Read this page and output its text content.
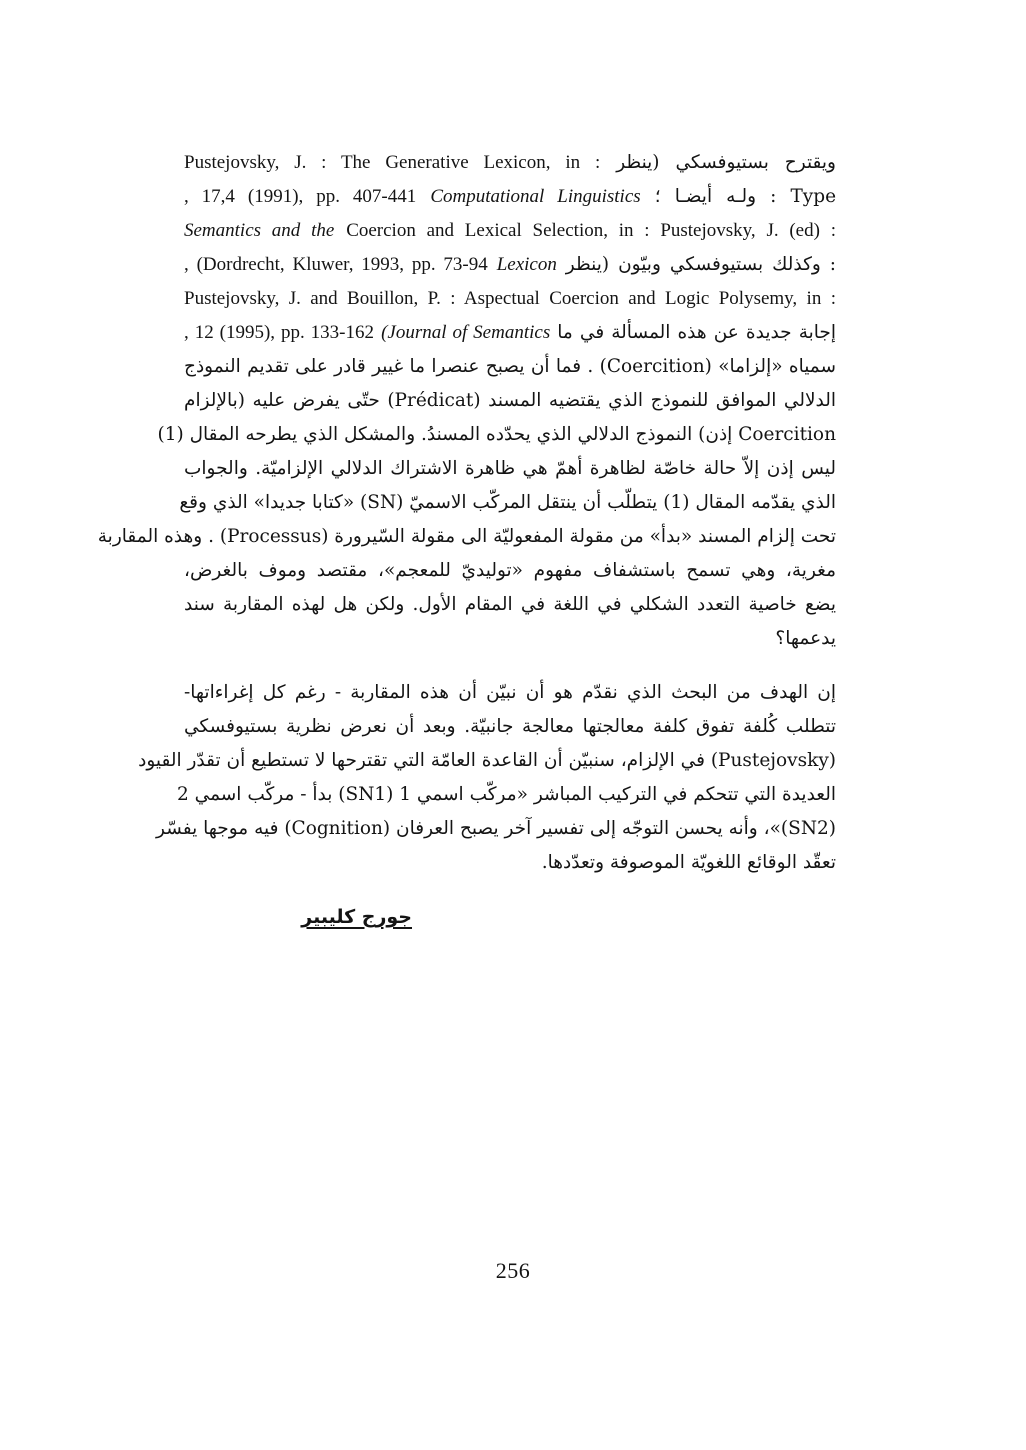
ويقترح بستيوفسكي (ينظر Pustejovsky, J. : The Generative Lexicon, in :
Type : ولـه أيضـا ؛ Computational Linguistics , 17,4 (1991), pp. 407-441
Coercion and Lexical Selection, in : Pustejovsky, J. (ed) : Semantics and the
: وكذلك بستيوفسكي وبيّون (ينظر Lexicon , (Dordrecht, Kluwer, 1993, pp. 73-94
Pustejovsky, J. and Bouillon, P. : Aspectual Coercion and Logic Polysemy, in :
إجابة جديدة عن هذه المسألة في ما (Journal of Semantics , 12 (1995), pp. 133-162
سمياه «إلزاما» (Coercition) . فما أن يصبح عنصرا ما غيير قادر على تقديم النموذج
الدلالي الموافق للنموذج الذي يقتضيه المسند (Prédicat) حتّى يفرض عليه (بالإلزام
Coercition إذن) النموذج الدلالي الذي يحدّده المسندُ. والمشكل الذي يطرحه المقال (1)
ليس إذن إلاّ حالة خاصّة لظاهرة أهمّ هي ظاهرة الاشتراك الدلالي الإلزاميّة. والجواب
الذي يقدّمه المقال (1) يتطلّب أن ينتقل المركّب الاسميّ (SN) «كتابا جديدا» الذي وقع
تحت إلزام المسند «بدأ» من مقولة المفعوليّة الى مقولة السّيرورة (Processus) . وهذه المقاربة
مغرية، وهي تسمح باستشفاف مفهوم «توليديّ للمعجم»، مقتصد وموف بالغرض،
يضع خاصية التعدد الشكلي في اللغة في المقام الأول. ولكن هل لهذه المقاربة سند
يدعمها؟
إن الهدف من البحث الذي نقدّم هو أن نبيّن أن هذه المقاربة - رغم كل إغراءاتها-
تتطلب كُلفة تفوق كلفة معالجتها معالجة جانبيّة. وبعد أن نعرض نظرية بستيوفسكي
(Pustejovsky) في الإلزام، سنبيّن أن القاعدة العامّة التي تقترحها لا تستطيع أن تقدّر القيود
العديدة التي تتحكم في التركيب المباشر «مركّب اسمي 1 (SN1) بدأ - مركّب اسمي 2
(SN2)»، وأنه يحسن التوجّه إلى تفسير آخر يصبح العرفان (Cognition) فيه موجها يفسّر
تعقّد الوقائع اللغويّة الموصوفة وتعدّدها.
جورج كليبير
256
